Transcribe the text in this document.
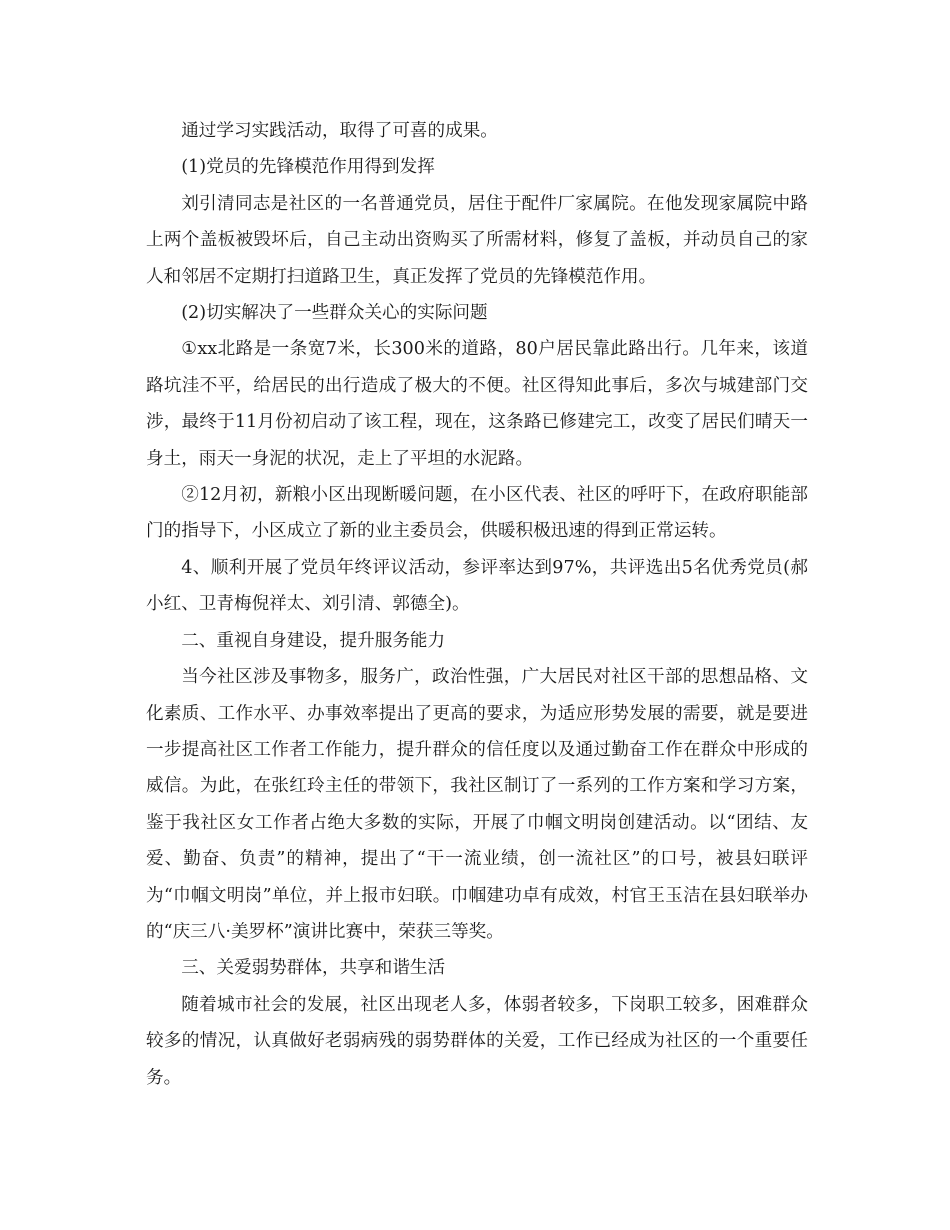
通过学习实践活动，取得了可喜的成果。

(1)党员的先锋模范作用得到发挥

刘引清同志是社区的一名普通党员，居住于配件厂家属院。在他发现家属院中路上两个盖板被毁坏后，自己主动出资购买了所需材料，修复了盖板，并动员自己的家人和邻居不定期打扫道路卫生，真正发挥了党员的先锋模范作用。

(2)切实解决了一些群众关心的实际问题

①xx北路是一条宽7米，长300米的道路，80户居民靠此路出行。几年来，该道路坑洼不平，给居民的出行造成了极大的不便。社区得知此事后，多次与城建部门交涉，最终于11月份初启动了该工程，现在，这条路已修建完工，改变了居民们晴天一身土，雨天一身泥的状况，走上了平坦的水泥路。

②12月初，新粮小区出现断暖问题，在小区代表、社区的呼吁下，在政府职能部门的指导下，小区成立了新的业主委员会，供暖积极迅速的得到正常运转。

4、顺利开展了党员年终评议活动，参评率达到97%，共评选出5名优秀党员(郝小红、卫青梅倪祥太、刘引清、郭德全)。

二、重视自身建设，提升服务能力

当今社区涉及事物多，服务广，政治性强，广大居民对社区干部的思想品格、文化素质、工作水平、办事效率提出了更高的要求，为适应形势发展的需要，就是要进一步提高社区工作者工作能力，提升群众的信任度以及通过勤奋工作在群众中形成的威信。为此，在张红玲主任的带领下，我社区制订了一系列的工作方案和学习方案，鉴于我社区女工作者占绝大多数的实际，开展了巾帼文明岗创建活动。以“团结、友爱、勤奋、负责”的精神，提出了“干一流业绩，创一流社区”的口号，被县妇联评为“巾帼文明岗”单位，并上报市妇联。巾帼建功卓有成效，村官王玉洁在县妇联举办的“庆三八·美罗杯”演讲比赛中，荣获三等奖。

三、关爱弱势群体，共享和谐生活

随着城市社会的发展，社区出现老人多，体弱者较多，下岗职工较多，困难群众较多的情况，认真做好老弱病残的弱势群体的关爱，工作已经成为社区的一个重要任务。
